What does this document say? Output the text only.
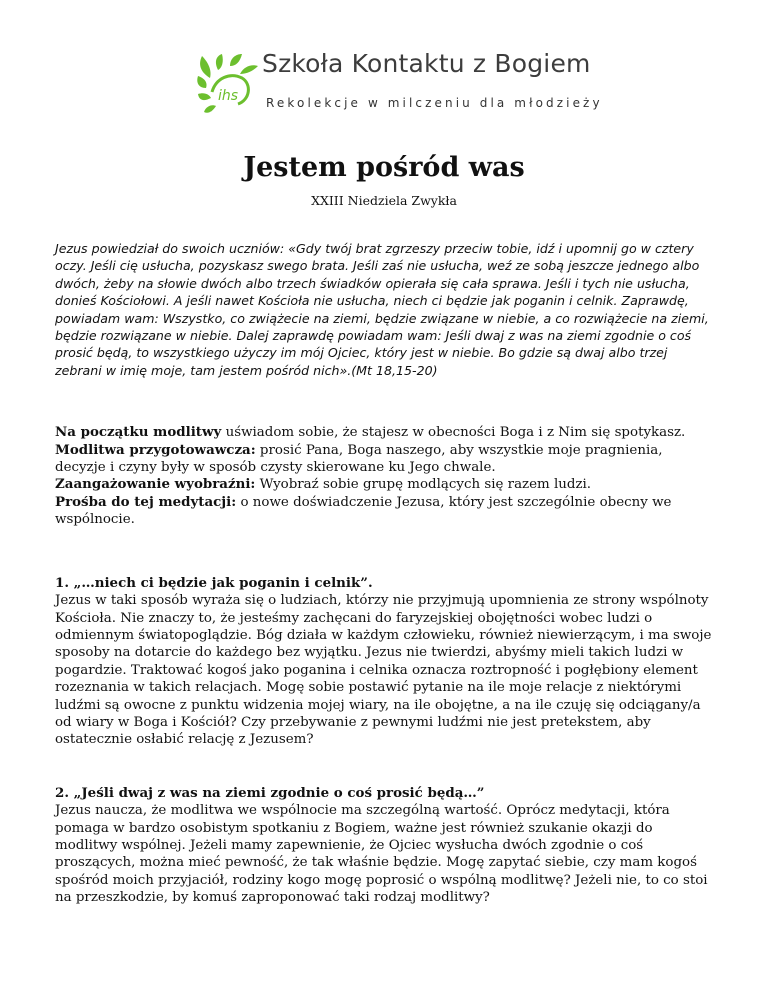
ihs
Szkoła Kontaktu z Bogiem
Rekolekcje w milczeniu dla młodzieży
Jestem pośród was
XXIII Niedziela Zwykła

Jezus powiedział do swoich uczniów: «Gdy twój brat zgrzeszy przeciw tobie, idź i upomnij go w cztery oczy. Jeśli cię usłucha, pozyskasz swego brata. Jeśli zaś nie usłucha, weź ze sobą jeszcze jednego albo dwóch, żeby na słowie dwóch albo trzech świadków opierała się cała sprawa. Jeśli i tych nie usłucha, donieś Kościołowi. A jeśli nawet Kościoła nie usłucha, niech ci będzie jak poganin i celnik. Zaprawdę, powiadam wam: Wszystko, co zwiążecie na ziemi, będzie związane w niebie, a co rozwiążecie na ziemi, będzie rozwiązane w niebie. Dalej zaprawdę powiadam wam: Jeśli dwaj z was na ziemi zgodnie o coś prosić będą, to wszystkiego użyczy im mój Ojciec, który jest w niebie. Bo gdzie są dwaj albo trzej zebrani w imię moje, tam jestem pośród nich».(Mt 18,15-20)

Na początku modlitwy uświadom sobie, że stajesz w obecności Boga i z Nim się spotykasz.

Modlitwa przygotowawcza: prosić Pana, Boga naszego, aby wszystkie moje pragnienia, decyzje i czyny były w sposób czysty skierowane ku Jego chwale.

Zaangażowanie wyobraźni: Wyobraź sobie grupę modlących się razem ludzi.

Prośba do tej medytacji: o nowe doświadczenie Jezusa, który jest szczególnie obecny we wspólnocie.

1. „…niech ci będzie jak poganin i celnik”.

Jezus w taki sposób wyraża się o ludziach, którzy nie przyjmują upomnienia ze strony wspólnoty Kościoła. Nie znaczy to, że jesteśmy zachęcani do faryzejskiej obojętności wobec ludzi o odmiennym światopoglądzie. Bóg działa w każdym człowieku, również niewierzącym, i ma swoje sposoby na dotarcie do każdego bez wyjątku. Jezus nie twierdzi, abyśmy mieli takich ludzi w pogardzie. Traktować kogoś jako poganina i celnika oznacza roztropność i pogłębiony element rozeznania w takich relacjach. Mogę sobie postawić pytanie na ile moje relacje z niektórymi ludźmi są owocne z punktu widzenia mojej wiary, na ile obojętne, a na ile czuję się odciągany/a od wiary w Boga i Kościół? Czy przebywanie z pewnymi ludźmi nie jest pretekstem, aby ostatecznie osłabić relację z Jezusem?

2. „Jeśli dwaj z was na ziemi zgodnie o coś prosić będą…”

Jezus naucza, że modlitwa we wspólnocie ma szczególną wartość. Oprócz medytacji, która pomaga w bardzo osobistym spotkaniu z Bogiem, ważne jest również szukanie okazji do modlitwy wspólnej. Jeżeli mamy zapewnienie, że Ojciec wysłucha dwóch zgodnie o coś proszących, można mieć pewność, że tak właśnie będzie. Mogę zapytać siebie, czy mam kogoś spośród moich przyjaciół, rodziny kogo mogę poprosić o wspólną modlitwę? Jeżeli nie, to co stoi na przeszkodzie, by komuś zaproponować taki rodzaj modlitwy?
